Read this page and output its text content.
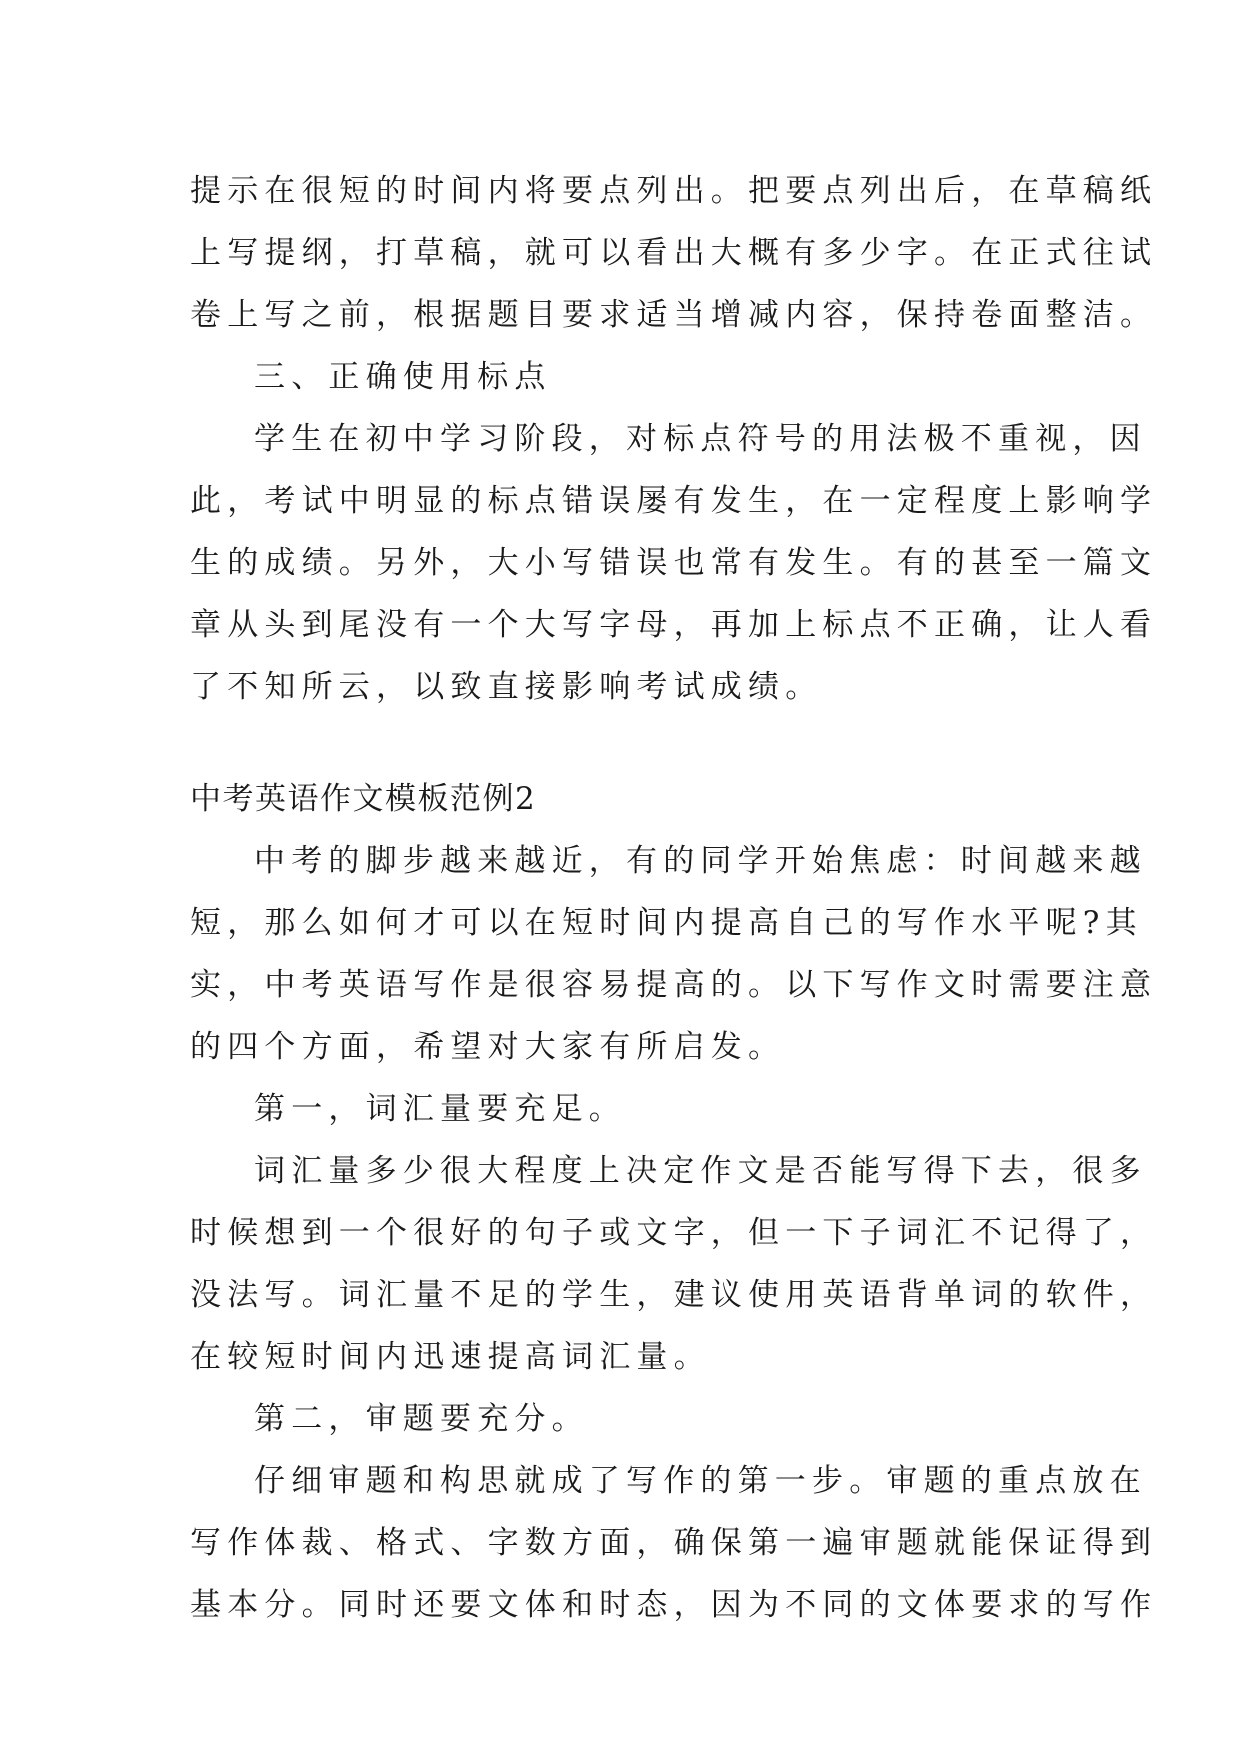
提示在很短的时间内将要点列出。把要点列出后，在草稿纸
上写提纲，打草稿，就可以看出大概有多少字。在正式往试
卷上写之前，根据题目要求适当增减内容，保持卷面整洁。
三、正确使用标点
学生在初中学习阶段，对标点符号的用法极不重视，因
此，考试中明显的标点错误屡有发生，在一定程度上影响学
生的成绩。另外，大小写错误也常有发生。有的甚至一篇文
章从头到尾没有一个大写字母，再加上标点不正确，让人看
了不知所云，以致直接影响考试成绩。
中考英语作文模板范例2
中考的脚步越来越近，有的同学开始焦虑：时间越来越
短，那么如何才可以在短时间内提高自己的写作水平呢?其
实，中考英语写作是很容易提高的。以下写作文时需要注意
的四个方面，希望对大家有所启发。
第一，词汇量要充足。
词汇量多少很大程度上决定作文是否能写得下去，很多
时候想到一个很好的句子或文字，但一下子词汇不记得了，
没法写。词汇量不足的学生，建议使用英语背单词的软件，
在较短时间内迅速提高词汇量。
第二，审题要充分。
仔细审题和构思就成了写作的第一步。审题的重点放在
写作体裁、格式、字数方面，确保第一遍审题就能保证得到
基本分。同时还要文体和时态，因为不同的文体要求的写作
